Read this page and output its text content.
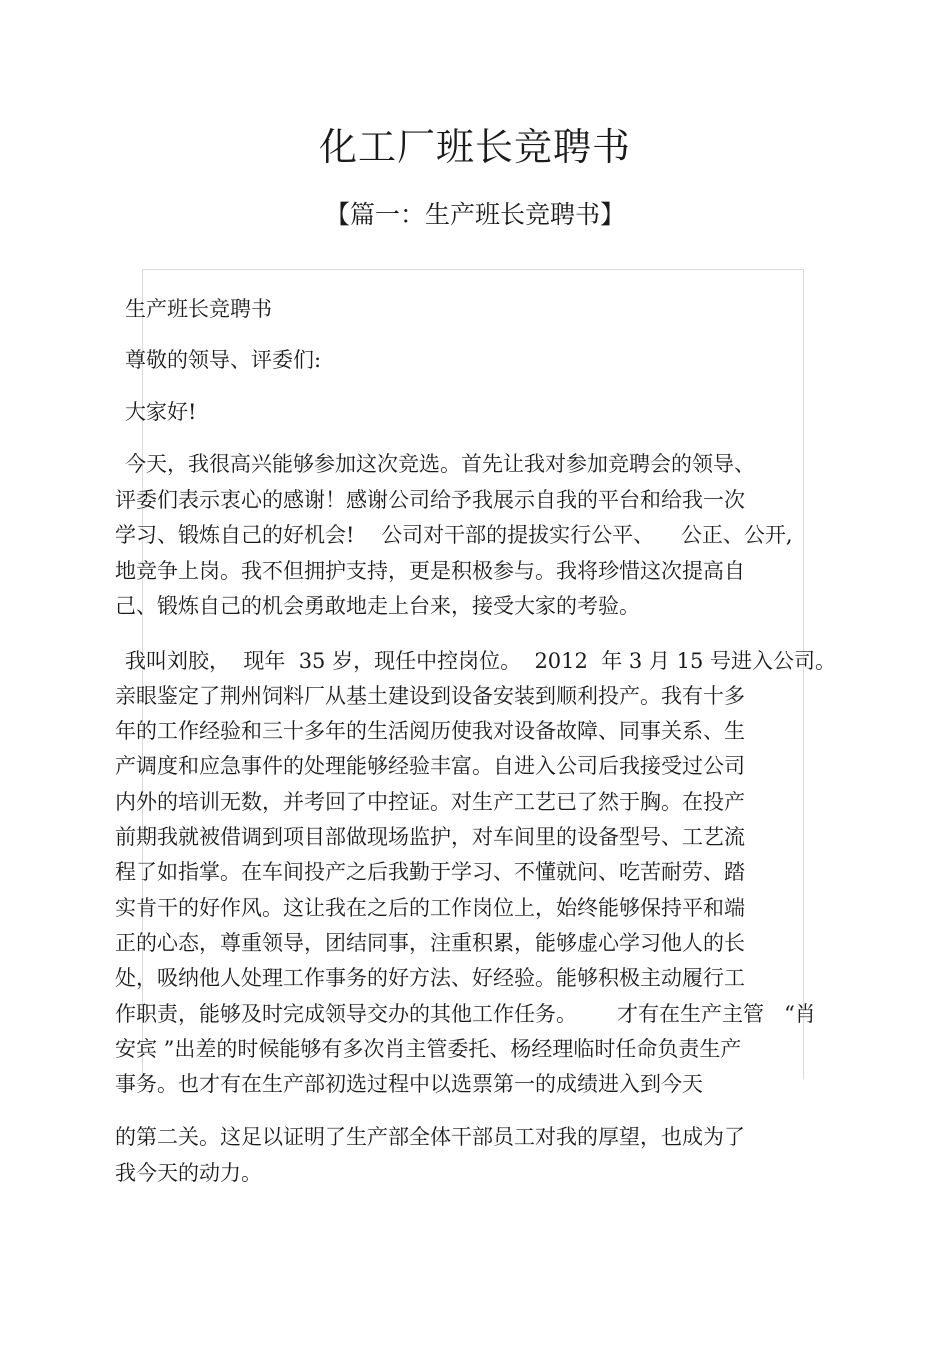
化工厂班长竞聘书
【篇一：生产班长竞聘书】
生产班长竞聘书
尊敬的领导、评委们:
大家好!
今天，我很高兴能够参加这次竞选。首先让我对参加竞聘会的领导、
评委们表示衷心的感谢！感谢公司给予我展示自我的平台和给我一次
学习、锻炼自己的好机会!    公司对干部的提拔实行公平、    公正、公开,
地竞争上岗。我不但拥护支持，更是积极参与。我将珍惜这次提高自
己、锻炼自己的机会勇敢地走上台来，接受大家的考验。
我叫刘胶，  现年  35 岁，现任中控岗位。  2012  年 3 月 15 号进入公司。
亲眼鉴定了荆州饲料厂从基土建设到设备安装到顺利投产。我有十多
年的工作经验和三十多年的生活阅历使我对设备故障、同事关系、生
产调度和应急事件的处理能够经验丰富。自进入公司后我接受过公司
内外的培训无数，并考回了中控证。对生产工艺已了然于胸。在投产
前期我就被借调到项目部做现场监护，对车间里的设备型号、工艺流
程了如指掌。在车间投产之后我勤于学习、不懂就问、吃苦耐劳、踏
实肯干的好作风。这让我在之后的工作岗位上，始终能够保持平和端
正的心态，尊重领导，团结同事，注重积累，能够虚心学习他人的长
处，吸纳他人处理工作事务的好方法、好经验。能够积极主动履行工
作职责，能够及时完成领导交办的其他工作任务。      才有在生产主管   “肖
安宾 ”出差的时候能够有多次肖主管委托、杨经理临时任命负责生产
事务。也才有在生产部初选过程中以选票第一的成绩进入到今天
的第二关。这足以证明了生产部全体干部员工对我的厚望，也成为了
我今天的动力。
